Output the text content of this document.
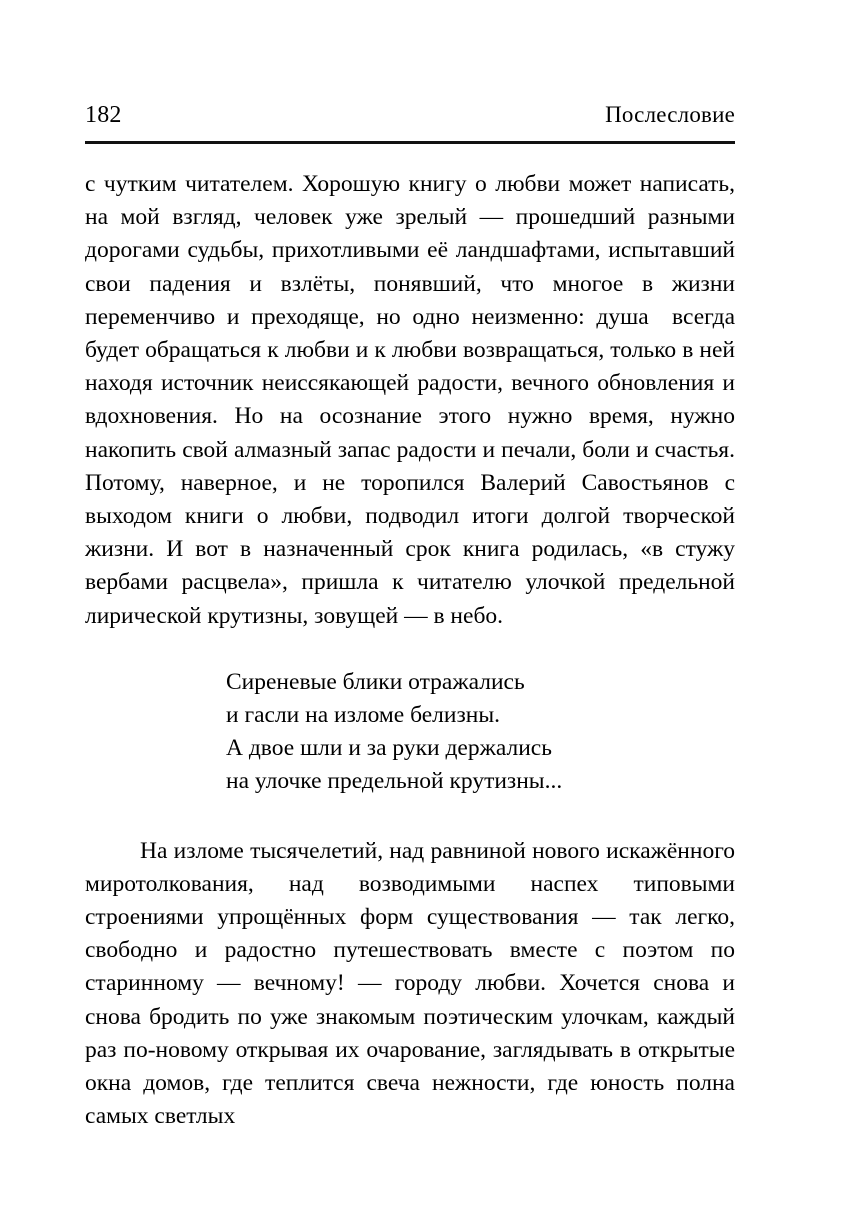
182	Послесловие

с чутким читателем. Хорошую книгу о любви может написать, на мой взгляд, человек уже зрелый — прошедший разными дорогами судьбы, прихотливыми её ландшафтами, испытавший свои падения и взлёты, понявший, что многое в жизни переменчиво и преходяще, но одно неизменно: душа  всегда будет обращаться к любви и к любви возвращаться, только в ней находя источник неиссякающей радости, вечного обновления и вдохновения. Но на осознание этого нужно время, нужно накопить свой алмазный запас радости и печали, боли и счастья. Потому, наверное, и не торопился Валерий Савостьянов с выходом книги о любви, подводил итоги долгой творческой жизни. И вот в назначенный срок книга родилась, «в стужу вербами расцвела», пришла к читателю улочкой предельной лирической крутизны, зовущей — в небо.

Сиреневые блики отражались
и гасли на изломе белизны.
А двое шли и за руки держались
на улочке предельной крутизны...

На изломе тысячелетий, над равниной нового искажённого миротолкования, над возводимыми наспех типовыми строениями упрощённых форм существования — так легко, свободно и радостно путешествовать вместе с поэтом по старинному — вечному! — городу любви. Хочется снова и снова бродить по уже знакомым поэтическим улочкам, каждый раз по-новому открывая их очарование, заглядывать в открытые окна домов, где теплится свеча нежности, где юность полна самых светлых
